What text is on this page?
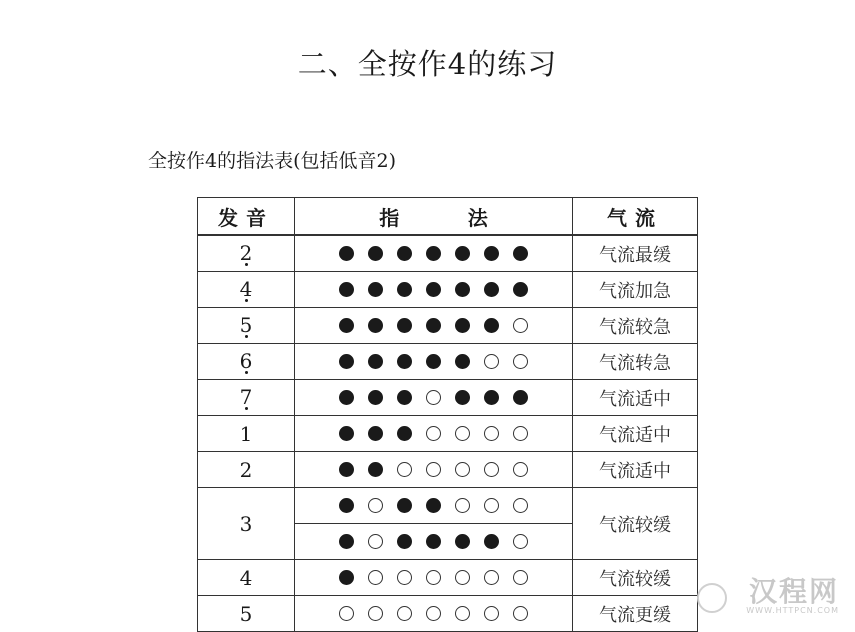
二、全按作4的练习
全按作4的指法表(包括低音2)
发音	指 法	气流
2		气流最缓
4		气流加急
5		气流较急
6		气流转急
7		气流适中
1		气流适中
2		气流适中
3		气流较缓

4		气流较缓
5		气流更缓
汉程网
WWW.HTTPCN.COM
